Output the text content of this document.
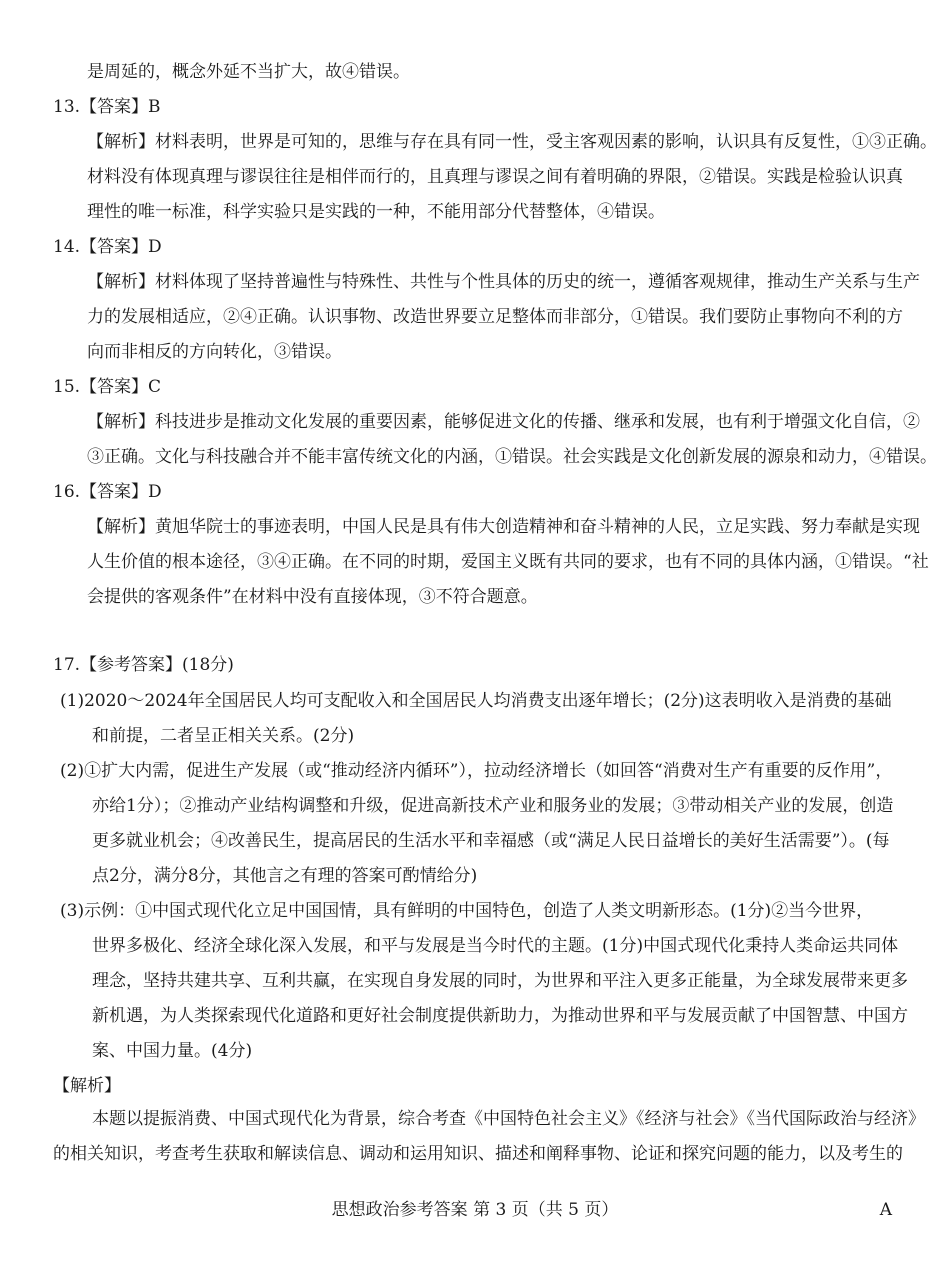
是周延的，概念外延不当扩大，故④错误。
13.【答案】B
【解析】材料表明，世界是可知的，思维与存在具有同一性，受主客观因素的影响，认识具有反复性，①③正确。
材料没有体现真理与谬误往往是相伴而行的，且真理与谬误之间有着明确的界限，②错误。实践是检验认识真
理性的唯一标准，科学实验只是实践的一种，不能用部分代替整体，④错误。
14.【答案】D
【解析】材料体现了坚持普遍性与特殊性、共性与个性具体的历史的统一，遵循客观规律，推动生产关系与生产
力的发展相适应，②④正确。认识事物、改造世界要立足整体而非部分，①错误。我们要防止事物向不利的方
向而非相反的方向转化，③错误。
15.【答案】C
【解析】科技进步是推动文化发展的重要因素，能够促进文化的传播、继承和发展，也有利于增强文化自信，②
③正确。文化与科技融合并不能丰富传统文化的内涵，①错误。社会实践是文化创新发展的源泉和动力，④错误。
16.【答案】D
【解析】黄旭华院士的事迹表明，中国人民是具有伟大创造精神和奋斗精神的人民，立足实践、努力奉献是实现
人生价值的根本途径，③④正确。在不同的时期，爱国主义既有共同的要求，也有不同的具体内涵，①错误。“社
会提供的客观条件”在材料中没有直接体现，③不符合题意。
17.【参考答案】(18分)
(1)2020～2024年全国居民人均可支配收入和全国居民人均消费支出逐年增长；(2分)这表明收入是消费的基础
和前提，二者呈正相关关系。(2分)
(2)①扩大内需，促进生产发展（或“推动经济内循环”），拉动经济增长（如回答“消费对生产有重要的反作用”，
亦给1分）；②推动产业结构调整和升级，促进高新技术产业和服务业的发展；③带动相关产业的发展，创造
更多就业机会；④改善民生，提高居民的生活水平和幸福感（或“满足人民日益增长的美好生活需要”）。(每
点2分，满分8分，其他言之有理的答案可酌情给分)
(3)示例：①中国式现代化立足中国国情，具有鲜明的中国特色，创造了人类文明新形态。(1分)②当今世界，
世界多极化、经济全球化深入发展，和平与发展是当今时代的主题。(1分)中国式现代化秉持人类命运共同体
理念，坚持共建共享、互利共赢，在实现自身发展的同时，为世界和平注入更多正能量，为全球发展带来更多
新机遇，为人类探索现代化道路和更好社会制度提供新助力，为推动世界和平与发展贡献了中国智慧、中国方
案、中国力量。(4分)
【解析】
本题以提振消费、中国式现代化为背景，综合考查《中国特色社会主义》《经济与社会》《当代国际政治与经济》
的相关知识，考查考生获取和解读信息、调动和运用知识、描述和阐释事物、论证和探究问题的能力，以及考生的
思想政治参考答案 第 3 页（共 5 页）	A
